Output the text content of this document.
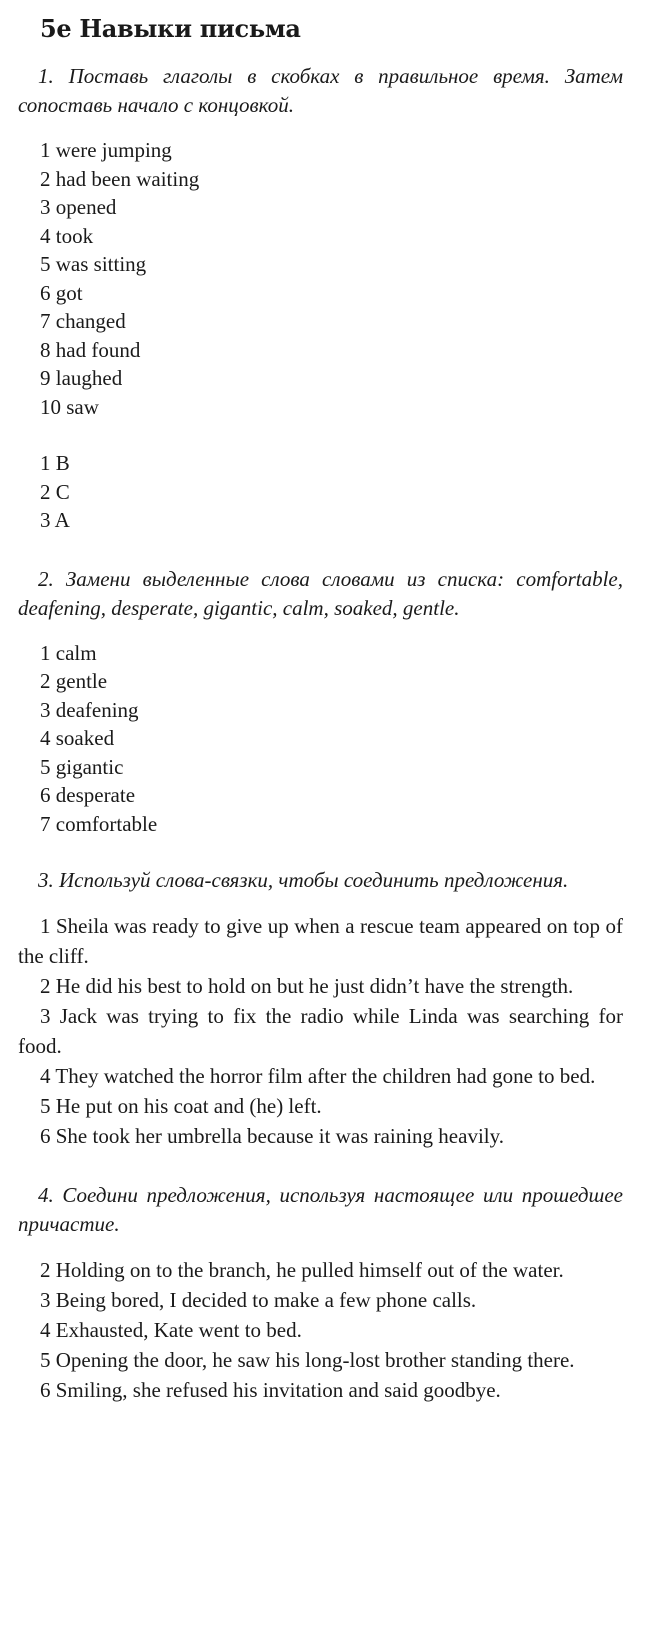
5e Навыки письма

1. Поставь глаголы в скобках в правильное время. Затем сопоставь начало с концовкой.

1 were jumping
2 had been waiting
3 opened
4 took
5 was sitting
6 got
7 changed
8 had found
9 laughed
10 saw
1 B
2 C
3 A

2. Замени выделенные слова словами из списка: comfortable, deafening, desperate, gigantic, calm, soaked, gentle.

1 calm
2 gentle
3 deafening
4 soaked
5 gigantic
6 desperate
7 comfortable

3. Используй слова-связки, чтобы соединить предложения.

1 Sheila was ready to give up when a rescue team appeared on top of the cliff.

2 He did his best to hold on but he just didn’t have the strength.

3 Jack was trying to fix the radio while Linda was searching for food.

4 They watched the horror film after the children had gone to bed.

5 He put on his coat and (he) left.

6 She took her umbrella because it was raining heavily.

4. Соедини предложения, используя настоящее или прошедшее причастие.

2 Holding on to the branch, he pulled himself out of the water.

3 Being bored, I decided to make a few phone calls.

4 Exhausted, Kate went to bed.

5 Opening the door, he saw his long-lost brother standing there.

6 Smiling, she refused his invitation and said goodbye.
